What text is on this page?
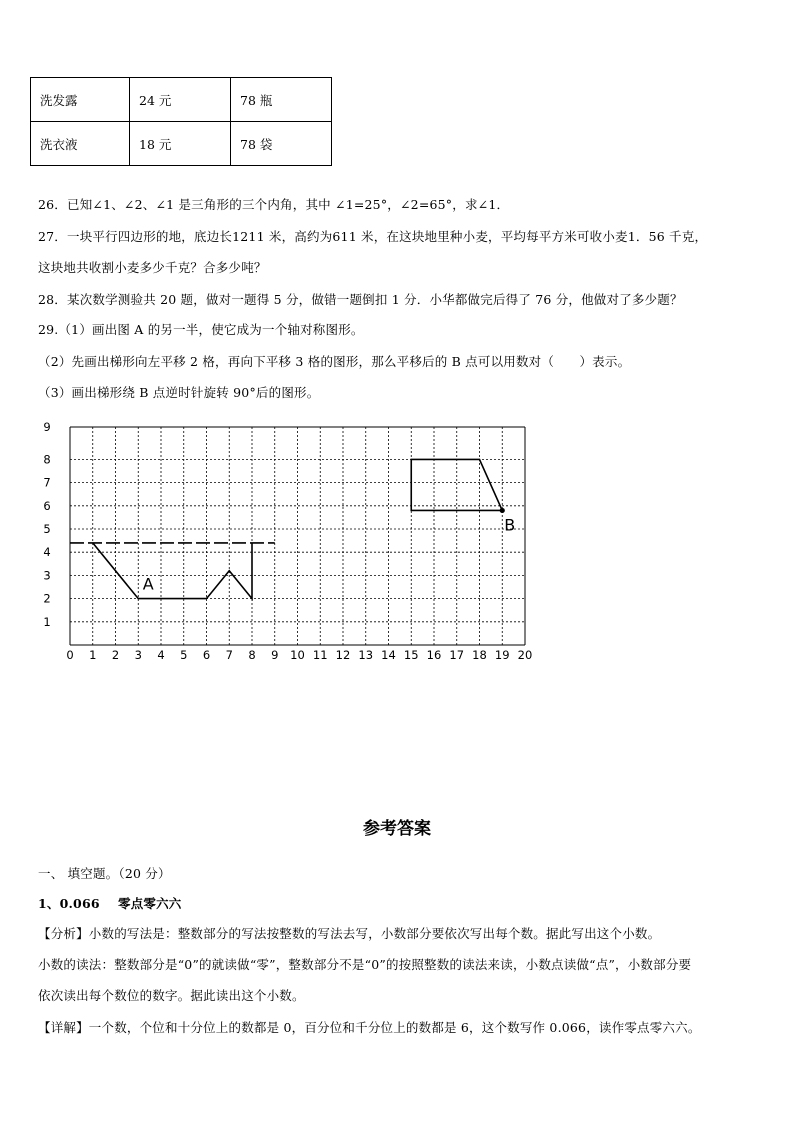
洗发露	24 元	78 瓶
洗衣液	18 元	78 袋
26．已知∠1、∠2、∠1 是三角形的三个内角，其中 ∠1=25°，∠2=65°，求∠1．
27．一块平行四边形的地，底边长1211 米，高约为611 米，在这块地里种小麦，平均每平方米可收小麦1．56 千克，
这块地共收割小麦多少千克？合多少吨？
28．某次数学测验共 20 题，做对一题得 5 分，做错一题倒扣 1 分．小华都做完后得了 76 分，他做对了多少题？
29.（1）画出图 A 的另一半，使它成为一个轴对称图形。
（2）先画出梯形向左平移 2 格，再向下平移 3 格的图形，那么平移后的 B 点可以用数对（　　）表示。
（3）画出梯形绕 B 点逆时针旋转 90°后的图形。
0 1 2 3 4 5 6 7 8 9 10 11 12 13 14 15 16 17 18 19 20
1
2
3
4
5
6
7
8
9
A
B
参考答案
一、 填空题。（20 分）
1、0.066 零点零六六
【分析】小数的写法是：整数部分的写法按整数的写法去写，小数部分要依次写出每个数。据此写出这个小数。
小数的读法：整数部分是“0”的就读做“零”，整数部分不是“0”的按照整数的读法来读，小数点读做“点”，小数部分要
依次读出每个数位的数字。据此读出这个小数。
【详解】一个数，个位和十分位上的数都是 0，百分位和千分位上的数都是 6，这个数写作 0.066，读作零点零六六。
